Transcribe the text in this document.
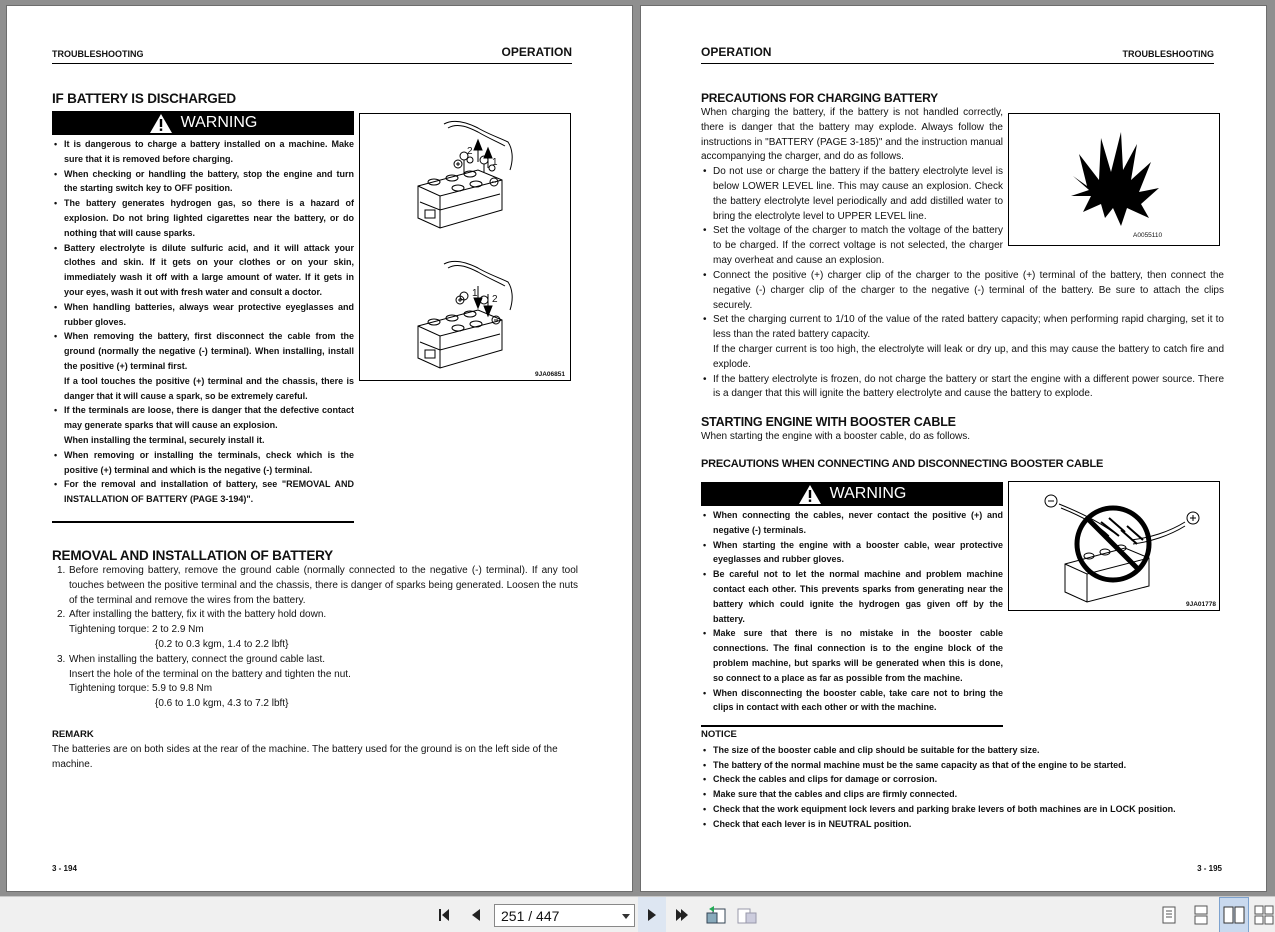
TROUBLESHOOTING	OPERATION
IF BATTERY IS DISCHARGED
WARNING
• It is dangerous to charge a battery installed on a machine. Make sure that it is removed before charging.
• When checking or handling the battery, stop the engine and turn the starting switch key to OFF position.
• The battery generates hydrogen gas, so there is a hazard of explosion. Do not bring lighted cigarettes near the battery, or do nothing that will cause sparks.
• Battery electrolyte is dilute sulfuric acid, and it will attack your clothes and skin. If it gets on your clothes or on your skin, immediately wash it off with a large amount of water. If it gets in your eyes, wash it out with fresh water and consult a doctor.
• When handling batteries, always wear protective eyeglasses and rubber gloves.
• When removing the battery, first disconnect the cable from the ground (normally the negative (-) terminal). When installing, install the positive (+) terminal first.
If a tool touches the positive (+) terminal and the chassis, there is danger that it will cause a spark, so be extremely careful.
• If the terminals are loose, there is danger that the defective contact may generate sparks that will cause an explosion.
When installing the terminal, securely install it.
• When removing or installing the terminals, check which is the positive (+) terminal and which is the negative (-) terminal.
• For the removal and installation of battery, see "REMOVAL AND INSTALLATION OF BATTERY (PAGE 3-194)".
2
1
1
2
9JA06851
REMOVAL AND INSTALLATION OF BATTERY
1. Before removing battery, remove the ground cable (normally connected to the negative (-) terminal). If any tool touches between the positive terminal and the chassis, there is danger of sparks being generated. Loosen the nuts of the terminal and remove the wires from the battery.
2. After installing the battery, fix it with the battery hold down.
Tightening torque: 2 to 2.9 Nm
{0.2 to 0.3 kgm, 1.4 to 2.2 lbft}
3. When installing the battery, connect the ground cable last.
Insert the hole of the terminal on the battery and tighten the nut.
Tightening torque: 5.9 to 9.8 Nm
{0.6 to 1.0 kgm, 4.3 to 7.2 lbft}
REMARK
The batteries are on both sides at the rear of the machine. The battery used for the ground is on the left side of the machine.
3 - 194
OPERATION	TROUBLESHOOTING
PRECAUTIONS FOR CHARGING BATTERY
When charging the battery, if the battery is not handled correctly, there is danger that the battery may explode. Always follow the instructions in "BATTERY (PAGE 3-185)" and the instruction manual accompanying the charger, and do as follows.
• Do not use or charge the battery if the battery electrolyte level is below LOWER LEVEL line. This may cause an explosion. Check the battery electrolyte level periodically and add distilled water to bring the electrolyte level to UPPER LEVEL line.
• Set the voltage of the charger to match the voltage of the battery to be charged. If the correct voltage is not selected, the charger may overheat and cause an explosion.
• Connect the positive (+) charger clip of the charger to the positive (+) terminal of the battery, then connect the negative (-) charger clip of the charger to the negative (-) terminal of the battery. Be sure to attach the clips securely.
• Set the charging current to 1/10 of the value of the rated battery capacity; when performing rapid charging, set it to less than the rated battery capacity.
If the charger current is too high, the electrolyte will leak or dry up, and this may cause the battery to catch fire and explode.
• If the battery electrolyte is frozen, do not charge the battery or start the engine with a different power source. There is a danger that this will ignite the battery electrolyte and cause the battery to explode.
STARTING ENGINE WITH BOOSTER CABLE
When starting the engine with a booster cable, do as follows.
PRECAUTIONS WHEN CONNECTING AND DISCONNECTING BOOSTER CABLE
A0055110
WARNING
• When connecting the cables, never contact the positive (+) and negative (-) terminals.
• When starting the engine with a booster cable, wear protective eyeglasses and rubber gloves.
• Be careful not to let the normal machine and problem machine contact each other. This prevents sparks from generating near the battery which could ignite the hydrogen gas given off by the battery.
• Make sure that there is no mistake in the booster cable connections. The final connection is to the engine block of the problem machine, but sparks will be generated when this is done, so connect to a place as far as possible from the machine.
• When disconnecting the booster cable, take care not to bring the clips in contact with each other or with the machine.
9JA01778
NOTICE
• The size of the booster cable and clip should be suitable for the battery size.
• The battery of the normal machine must be the same capacity as that of the engine to be started.
• Check the cables and clips for damage or corrosion.
• Make sure that the cables and clips are firmly connected.
• Check that the work equipment lock levers and parking brake levers of both machines are in LOCK position.
• Check that each lever is in NEUTRAL position.
3 - 195
251 / 447
